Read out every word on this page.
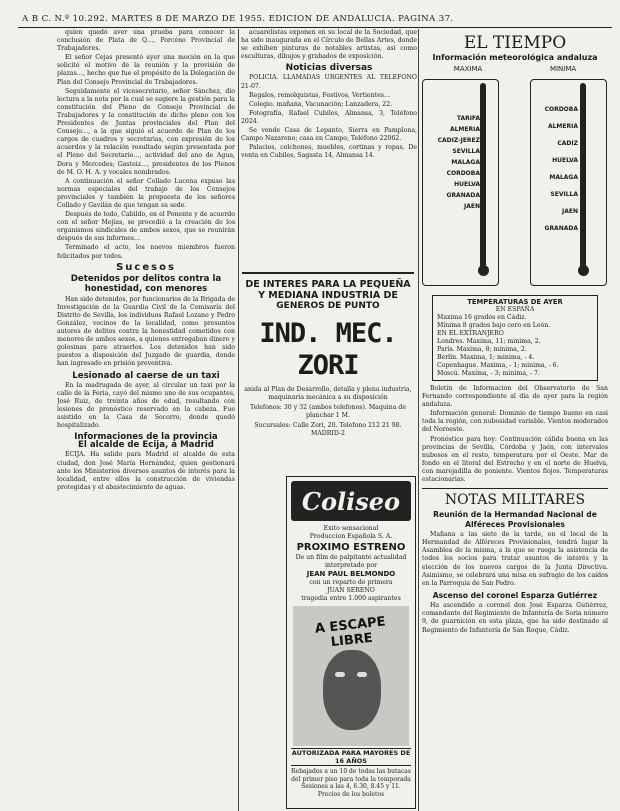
A B C. N.º 10.292. MARTES 8 DE MARZO DE 1955. EDICION DE ANDALUCIA. PAGINA 37.

quien quedó aver una prueba para conocer la conclusión de Plata de Q…, Porcéno Provincial de Trabajadores.

El señor Cejas presentó ayer una moción en la que solicitó el motivo de la reunión y la provisión de plazas…, hecho que fue el propósito de la Delegación de Plan del Consejo Provincial de Trabajadores.

Seguidamente el vicesecretario, señor Sánchez, dio lectura a la nota por la cual se sugiere la gestión para la constitución del Pleno de Consejo Provincial de Trabajadores y la constitución de dicho pleno con los Presidentes de Juntas provinciales del Plan del Consejo…, a la que siguió el acuerdo de Plan de los cargos de cuadros y secretarias, con expresión de los acuerdos y la relación resultado según presentada por el Pleno del Secretario…, actividad del ano de Agua, Dora y Mercedes; Gasteiz…, presidentes de los Plenos de M. O. H. A. y vocales nombrados.

A continuación el señor Collado Lucena expuso las normas especiales del trabajo de los Consejos provinciales y también la propuesta de los señores Collado y Gavilán de que tengan su sede.

Después de todo, Cabildo, en el Ponente y de acuerdo con el señor Mejías, se procedió a la creación de los organismos sindicales de ambos sexos, que se reunirán después de sus informes…

Terminado el acto, los nuevos miembros fueron felicitados por todos.

Sucesos
Detenidos por delitos contra la honestidad, con menores

Han sido detenidos, por funcionarios de la Brigada de Investigación de la Guardia Civil de la Comisaría del Distrito de Sevilla, los individuos Rafael Lozano y Pedro González, vecinos de la localidad, como presuntos autores de delitos contra la honestidad cometidos con menores de ambos sexos, a quienes entregaban dinero y golosinas para atraerlos. Los detenidos han sido puestos a disposición del Juzgado de guardia, donde han ingresado en prisión preventiva.

Lesionado al caerse de un taxi

En la madrugada de ayer, al circular un taxi por la calle de la Feria, cayó del mismo uno de sus ocupantes, José Ruiz, de treinta años de edad, resultando con lesiones de pronóstico reservado en la cabeza. Fue asistido en la Casa de Socorro, donde quedó hospitalizado.

Informaciones de la provincia
El alcalde de Ecija, a Madrid

ECIJA. Ha salido para Madrid el alcalde de esta ciudad, don José María Hernández, quien gestionará ante los Ministerios diversos asuntos de interés para la localidad, entre ellos la construcción de viviendas protegidas y el abastecimiento de aguas.

acuarelistas exponen en su local de la Sociedad, que ha sido inaugurada en el Círculo de Bellas Artes, donde se exhiben pinturas de notables artistas, así como esculturas, dibujos y grabados de exposición.

Noticias diversas

POLICIA. LLAMADAS URGENTES AL TELEFONO 21-07.

Regalos, remolquistas, Festivos, Vertientes…

Colegio. mañana, Vacunación; Lanzadera, 22.

Fotografía, Rafael Cubiles, Almansa, 3, Teléfono 2024.

Se vende Casa de Lepanto, Sierra en Pamplona, Campo Nazareno; casa en Campo, Teléfono 22062.

Palacios, colchones, muebles, cortinas y ropas. De venta en Cubiles, Sagasta 14, Almansa 14.

DE INTERES PARA LA PEQUEÑA
Y MEDIANA INDUSTRIA DE
GENEROS DE PUNTO
IND. MEC. ZORI
anida al Plan de Desarrollo, detalla y plena industria, maquinaria mecánica a su disposición
Telefonos: 30 y 32 (ambos telefonos). Maquina de planchar 1 M.
Sucursales: Calle Zori, 20. Telefono 212 21 98. MADRID-2
Coliseo
Exito sensacional
Produccion Española S. A.
PROXIMO ESTRENO
De un film de palpitante actualidad interpretado por
JEAN PAUL BELMONDO
con un reparto de primera
JUAN SERENO
tragedia entre 1.000 aspirantes
A ESCAPE LIBRE
AUTORIZADA PARA MAYORES DE 16 AÑOS
Rebajados a un 10 de todas las butacas del primer piso para toda la temporada
Sesiones a las 4, 6.30, 8.45 y 11. Precios de los boletos
EL TIEMPO
Información meteorológica andaluza
MAXIMA	MINIMA
TARIFA
ALMERIA
CADIZ-JEREZ
SEVILLA
MALAGA
CORDOBA
HUELVA
GRANADA
JAEN
CORDOBA
ALMERIA
CADIZ
HUELVA
MALAGA
SEVILLA
JAEN
GRANADA
TEMPERATURAS DE AYER
EN ESPAÑA
Maxima 16 grados en Cádiz.
Mínima 8 grados bajo cero en León.
EN EL EXTRANJERO
Londres. Maxima, 11; minima, 2.
París. Maxima, 8; minima, 2.
Berlín. Maxima, 1; minima, - 4.
Copenhague. Maxima, - 1; minima, - 6.
Moscú. Maxima, - 3; minima, - 7.

Boletín de Información del Observatorio de San Fernando correspondiente al día de ayer para la región andaluza.

Información general: Dominio de tiempo bueno en casi toda la región, con nubosidad variable. Vientos moderados del Noroeste.

Pronóstico para hoy: Continuación cálida buena en las provincias de Sevilla, Córdoba y Jaén, con intervalos nubosos en el resto, temperatura por el Oeste. Mar de fondo en el litoral del Estrecho y en el norte de Huelva, con marejadilla de poniente. Vientos flojos. Temperaturas estacionarias.

NOTAS MILITARES
Reunión de la Hermandad Nacional de Alféreces Provisionales

Mañana a las siete de la tarde, en el local de la Hermandad de Alféreces Provisionales, tendrá lugar la Asamblea de la misma, a la que se ruega la asistencia de todos los socios para tratar asuntos de interés y la elección de los nuevos cargos de la Junta Directiva. Asimismo, se celebrará una misa en sufragio de los caídos en la Parroquia de San Pedro.

Ascenso del coronel Esparza Gutiérrez

Ha ascendido a coronel don José Esparza Gutiérrez, comandante del Regimiento de Infantería de Soria número 9, de guarnición en esta plaza, que ha sido destinado al Regimiento de Infantería de San Roque, Cádiz.
